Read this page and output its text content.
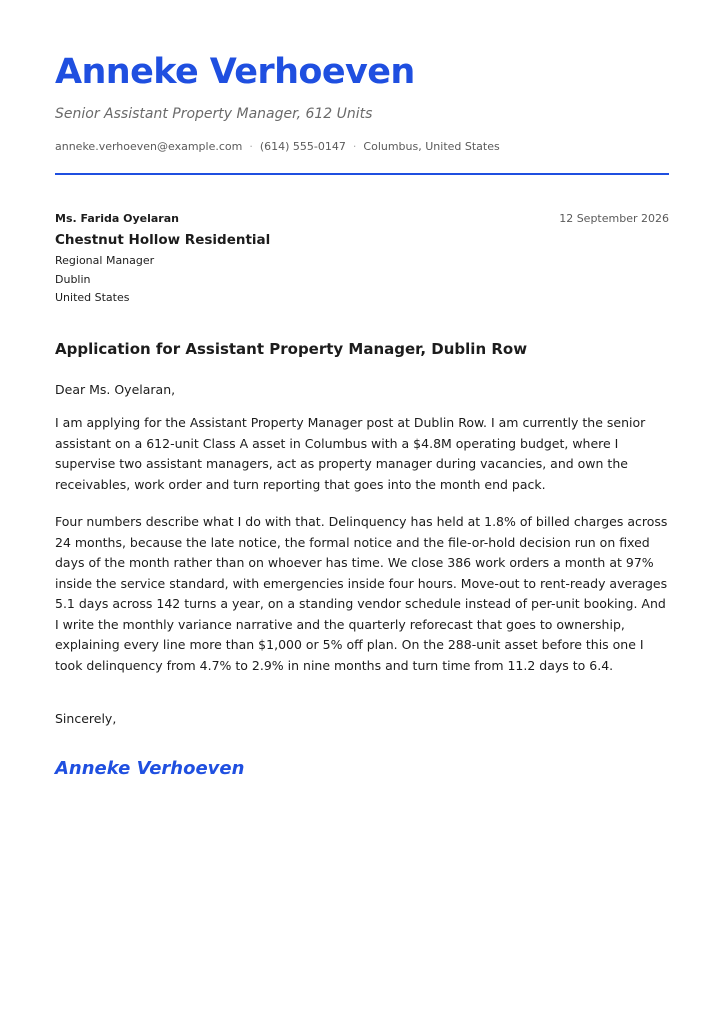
Anneke Verhoeven
Senior Assistant Property Manager, 612 Units
anneke.verhoeven@example.com · (614) 555-0147 · Columbus, United States
Ms. Farida Oyelaran	12 September 2026
Chestnut Hollow Residential
Regional Manager
Dublin
United States
Application for Assistant Property Manager, Dublin Row
Dear Ms. Oyelaran,

I am applying for the Assistant Property Manager post at Dublin Row. I am currently the senior assistant on a 612-unit Class A asset in Columbus with a $4.8M operating budget, where I supervise two assistant managers, act as property manager during vacancies, and own the receivables, work order and turn reporting that goes into the month end pack.

Four numbers describe what I do with that. Delinquency has held at 1.8% of billed charges across 24 months, because the late notice, the formal notice and the file-or-hold decision run on fixed days of the month rather than on whoever has time. We close 386 work orders a month at 97% inside the service standard, with emergencies inside four hours. Move-out to rent-ready averages 5.1 days across 142 turns a year, on a standing vendor schedule instead of per-unit booking. And I write the monthly variance narrative and the quarterly reforecast that goes to ownership, explaining every line more than $1,000 or 5% off plan. On the 288-unit asset before this one I took delinquency from 4.7% to 2.9% in nine months and turn time from 11.2 days to 6.4.

Sincerely,
Anneke Verhoeven
